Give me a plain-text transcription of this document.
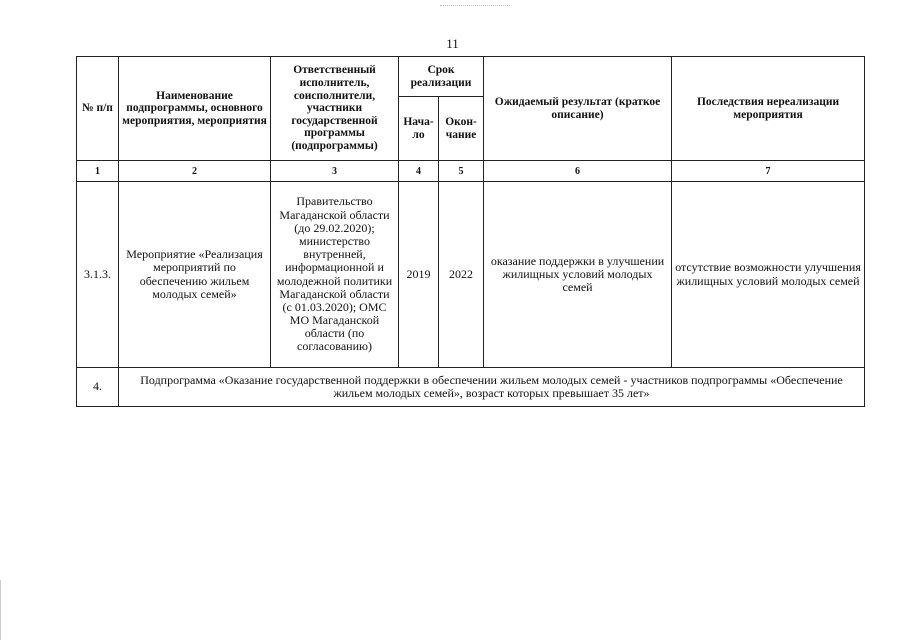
11
№ п/п	Наименование подпрограммы, основного мероприятия, мероприятия	Ответственный исполнитель, соисполнители, участники государственной программы (подпрограммы)	Срок реализации		Ожидаемый результат (краткое описание)	Последствия нереализации мероприятия
			Нача-ло	Окон-чание		
1	2	3	4	5	6	7
3.1.3.	Мероприятие «Реализация мероприятий по обеспечению жильем молодых семей»	Правительство Магаданской области (до 29.02.2020); министерство внутренней, информационной и молодежной политики Магаданской области (с 01.03.2020); ОМС МО Магаданской области (по согласованию)	2019	2022	оказание поддержки в улучшении жилищных условий молодых семей	отсутствие возможности улучшения жилищных условий молодых семей
4.	Подпрограмма «Оказание государственной поддержки в обеспечении жильем молодых семей - участников подпрограммы «Обеспечение жильем молодых семей», возраст которых превышает 35 лет»					
